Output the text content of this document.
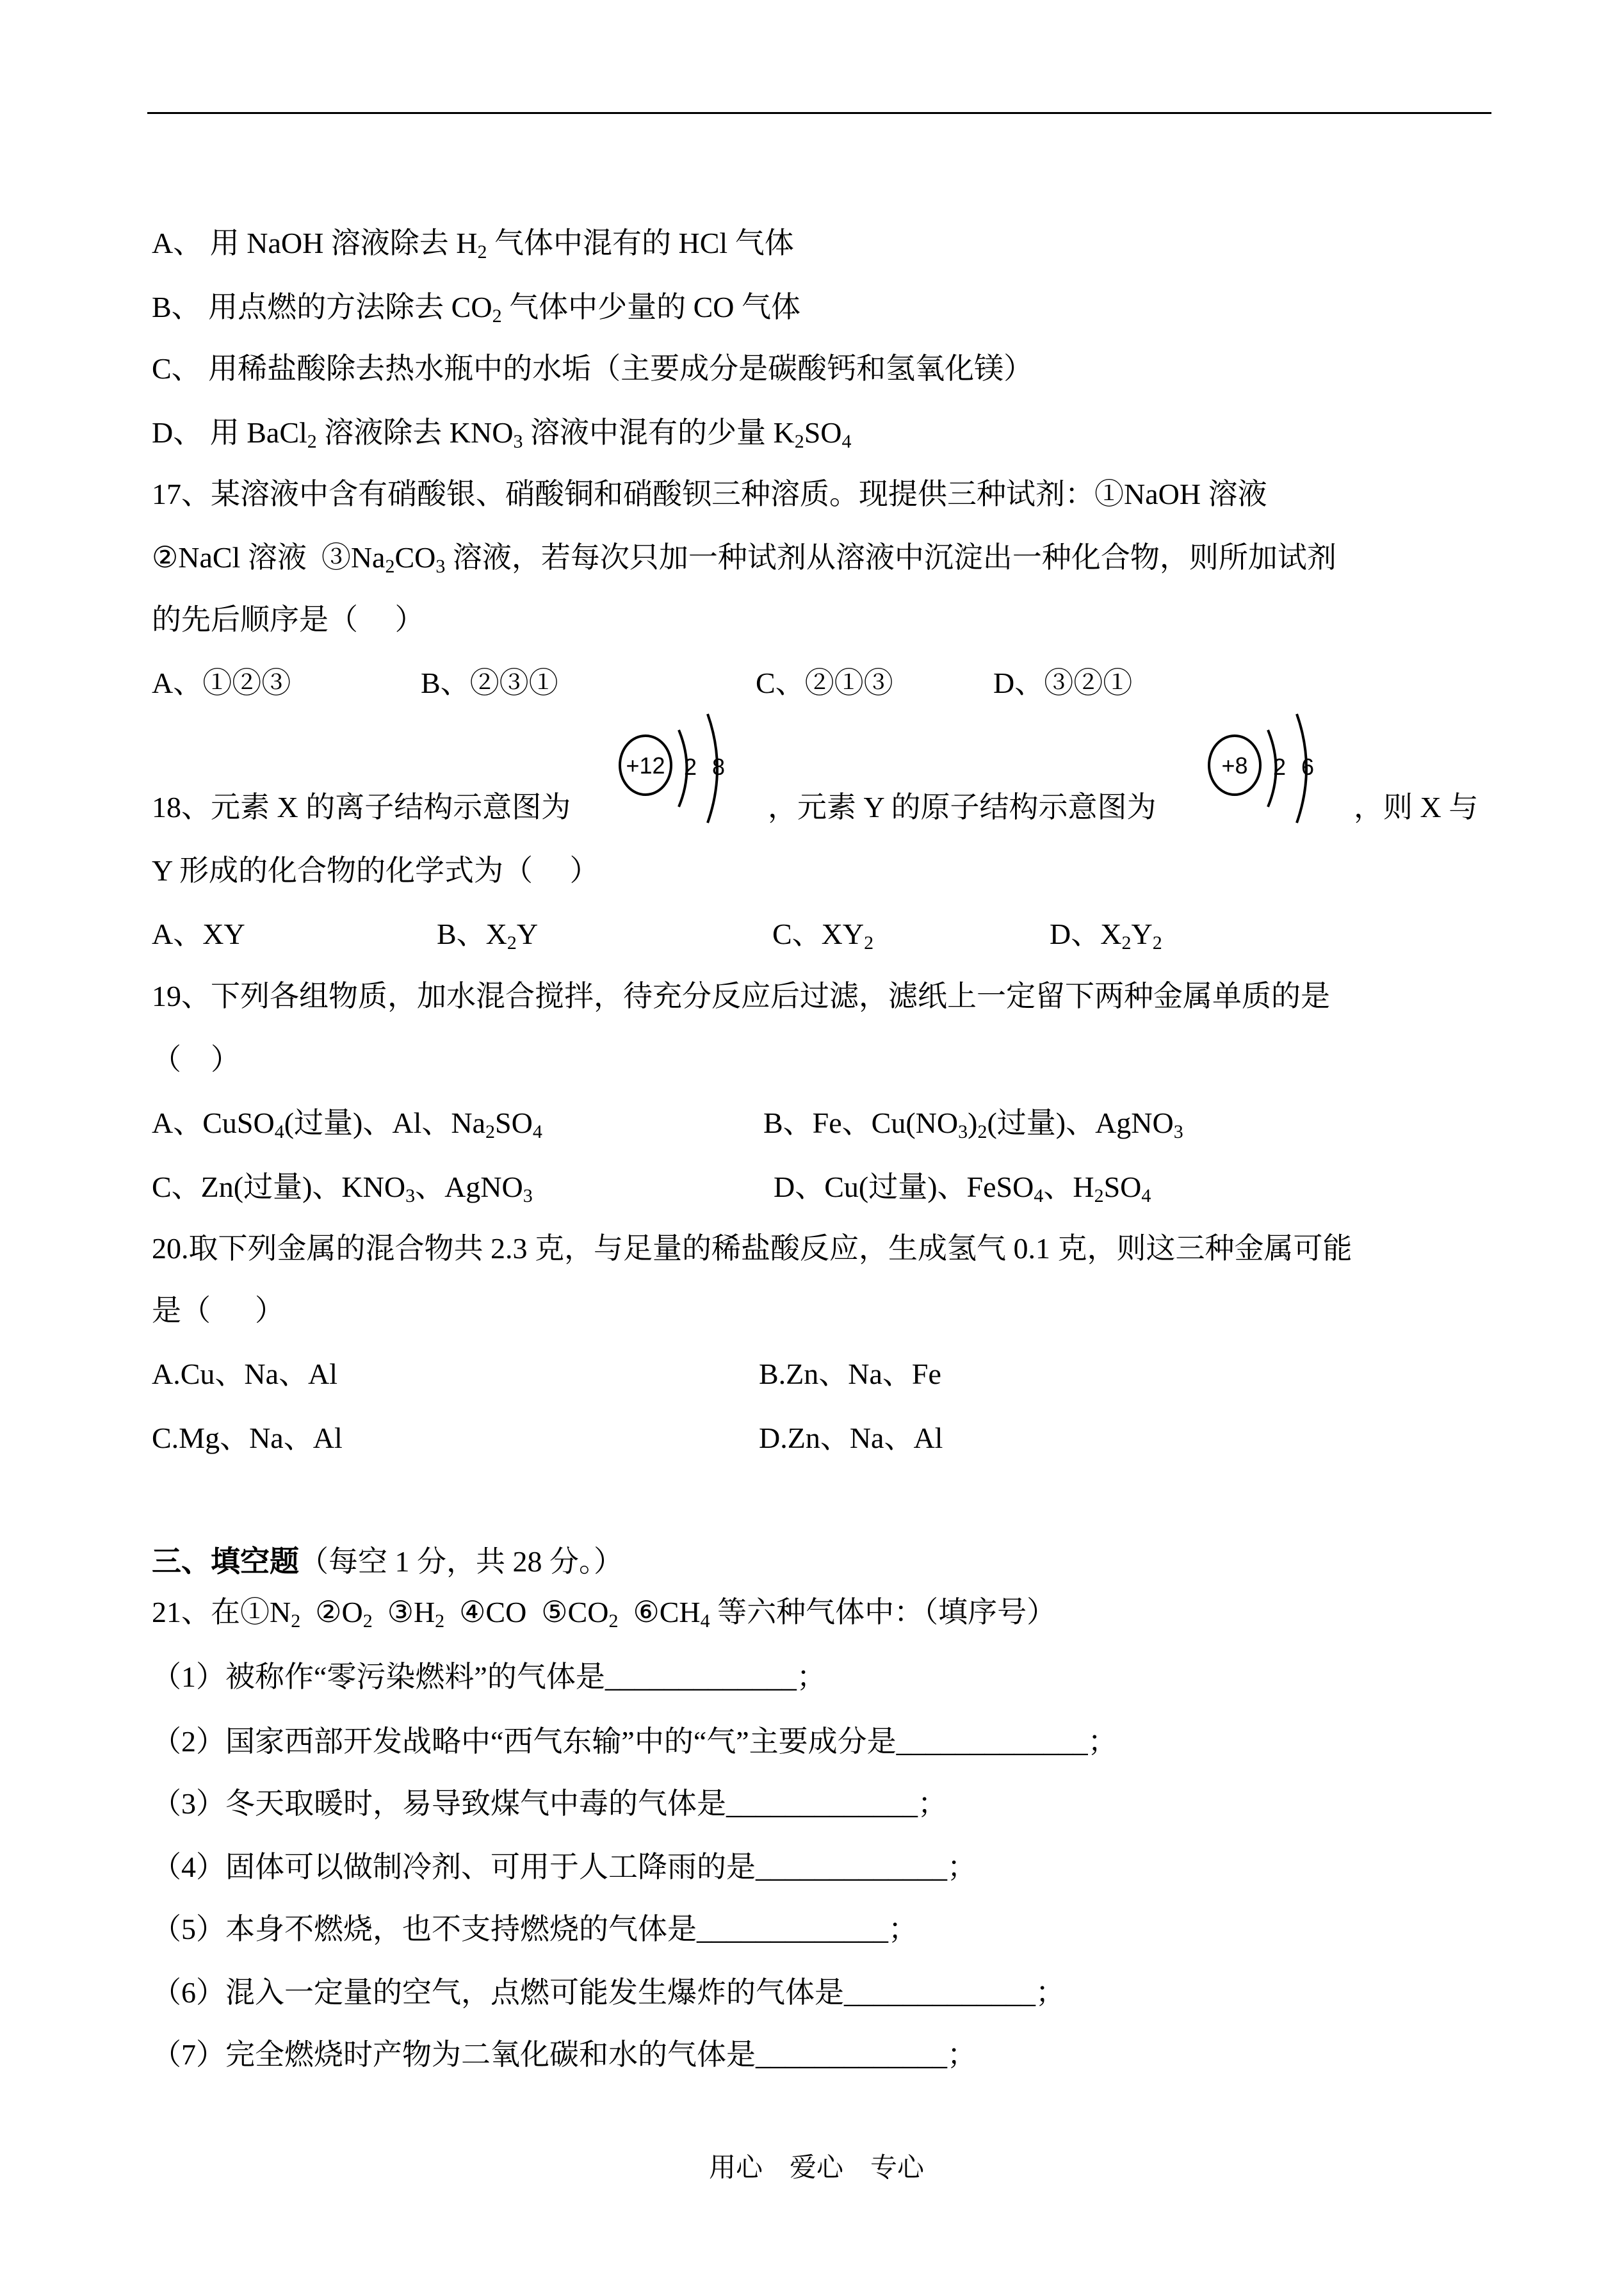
A、 用 NaOH 溶液除去 $H_2$ 气体中混有的 HCl 气体
B、 用点燃的方法除去 $CO_2$ 气体中少量的 CO 气体
C、 用稀盐酸除去热水瓶中的水垢（主要成分是碳酸钙和氢氧化镁）
D、 用 BaCl$_2$ 溶液除去 $KNO_3$ 溶液中混有的少量 $K_2SO_4$
17、某溶液中含有硝酸银、硝酸铜和硝酸钡三种溶质。现提供三种试剂：①NaOH 溶液
②NaCl 溶液  $③Na_2CO_3$ 溶液，若每次只加一种试剂从溶液中沉淀出一种化合物，则所加试剂
的先后顺序是（     ）
A、①②③	B、②③①	C、②①③	D、③②①
18、元素 X 的离子结构示意图为	，元素 Y 的原子结构示意图为	，则 X 与
Y 形成的化合物的化学式为（     ）
A、XY	B、$X_2Y$	C、$XY_2$	D、$X_2Y_2$
19、下列各组物质，加水混合搅拌，待充分反应后过滤，滤纸上一定留下两种金属单质的是
（    ）
A、CuSO$_4$(过量)、Al、$Na_2SO_4$	B、Fe、$Cu(NO_3)_2$(过量)、AgNO$_3$
C、Zn(过量)、$KNO_3$、AgNO$_3$	D、Cu(过量)、FeSO$_4$、$H_2SO_4$
20.取下列金属的混合物共 2.3 克，与足量的稀盐酸反应，生成氢气 0.1 克，则这三种金属可能
是（      ）
A.Cu、Na、Al	B.Zn、Na、Fe
C.Mg、Na、Al	D.Zn、Na、Al
三、填空题（每空 1 分，共 28 分。）
21、在$①N_2$  $②O_2$  $③H_2$  ④CO  $⑤CO_2$  $⑥CH_4$ 等六种气体中：（填序号）
（1）被称作“零污染燃料”的气体是_____________；
（2）国家西部开发战略中“西气东输”中的“气”主要成分是_____________；
（3）冬天取暖时，易导致煤气中毒的气体是_____________；
（4）固体可以做制冷剂、可用于人工降雨的是_____________；
（5）本身不燃烧，也不支持燃烧的气体是_____________；
（6）混入一定量的空气，点燃可能发生爆炸的气体是_____________；
（7）完全燃烧时产物为二氧化碳和水的气体是_____________；
+12 2 8	+8 2 6
用心    爱心    专心
